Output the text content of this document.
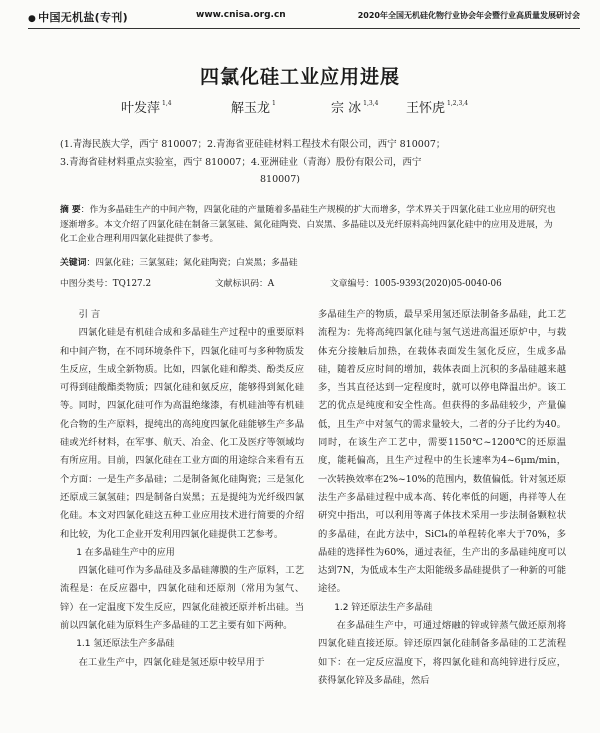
● 中国无机盐(专刊)	www.cnisa.org.cn	2020年全国无机硅化物行业协会年会暨行业高质量发展研讨会
四氯化硅工业应用进展
叶发萍 $^{1,4}$	解玉龙 $^1$	宗 冰 $^{1,3,4}$ 王怀虎 $^{1,2,3,4}$
(1.青海民族大学，西宁 810007；2.青海省亚硅硅材料工程技术有限公司，西宁 810007；
3.青海省硅材料重点实验室，西宁 810007；4.亚洲硅业（青海）股份有限公司，西宁
810007)
摘 要：作为多晶硅生产的中间产物，四氯化硅的产量随着多晶硅生产规模的扩大而增多，学术界关于四氯化硅工业应用的研究也逐渐增多。本文介绍了四氯化硅在制备三氯氢硅、氮化硅陶瓷、白炭黑、多晶硅以及光纤原料高纯四氯化硅中的应用及进展，为化工企业合理利用四氯化硅提供了参考。
关键词：四氯化硅；三氯氢硅；氮化硅陶瓷；白炭黑；多晶硅
中图分类号：TQ127.2	文献标识码：A	文章编号：1005-9393(2020)05-0040-06

引 言

四氯化硅是有机硅合成和多晶硅生产过程中的重要原料和中间产物，在不同环境条件下，四氯化硅可与多种物质发生反应，生成全新物质。比如，四氯化硅和醇类、酚类反应可得到硅酸酯类物质；四氯化硅和氨反应，能够得到氮化硅等。同时，四氯化硅可作为高温绝缘漆，有机硅油等有机硅化合物的生产原料，提纯出的高纯度四氯化硅能够生产多晶硅或光纤材料，在军事、航天、冶金、化工及医疗等领域均有所应用。目前，四氯化硅在工业方面的用途综合来看有五个方面：一是生产多晶硅；二是制备氮化硅陶瓷；三是氢化还原成三氯氢硅；四是制备白炭黑；五是提纯为光纤级四氯化硅。本文对四氯化硅这五种工业应用技术进行简要的介绍和比较，为化工企业开发利用四氯化硅提供工艺参考。

1 在多晶硅生产中的应用

四氯化硅可作为多晶硅及多晶硅薄膜的生产原料，工艺流程是：在反应器中，四氯化硅和还原剂（常用为氢气、锌）在一定温度下发生反应，四氯化硅被还原并析出硅。当前以四氯化硅为原料生产多晶硅的工艺主要有如下两种。

1.1 氢还原法生产多晶硅

在工业生产中，四氯化硅是氢还原中较早用于

多晶硅生产的物质，最早采用氢还原法制备多晶硅，此工艺流程为：先将高纯四氯化硅与氢气送进高温还原炉中，与载体充分接触后加热，在载体表面发生氢化反应，生成多晶硅，随着反应时间的增加，载体表面上沉积的多晶硅越来越多，当其直径达到一定程度时，就可以停电降温出炉。该工艺的优点是纯度和安全性高。但获得的多晶硅较少，产量偏低，且生产中对氢气的需求量较大，二者的分子比约为40。同时，在该生产工艺中，需要1150℃~1200℃的还原温度，能耗偏高，且生产过程中的生长速率为4~6μm/min，一次转换效率在2%~10%的范围内，数值偏低。针对氢还原法生产多晶硅过程中成本高、转化率低的问题，冉祥等人在研究中指出，可以利用等离子体技术采用一步法制备颗粒状的多晶硅，在此方法中，SiCl₄的单程转化率大于70%，多晶硅的选择性为60%，通过表征，生产出的多晶硅纯度可以达到7N，为低成本生产太阳能级多晶硅提供了一种新的可能途径。

1.2 锌还原法生产多晶硅

在多晶硅生产中，可通过熔融的锌或锌蒸气做还原剂将四氯化硅直接还原。锌还原四氯化硅制备多晶硅的工艺流程如下：在一定反应温度下，将四氯化硅和高纯锌进行反应，获得氯化锌及多晶硅，然后
